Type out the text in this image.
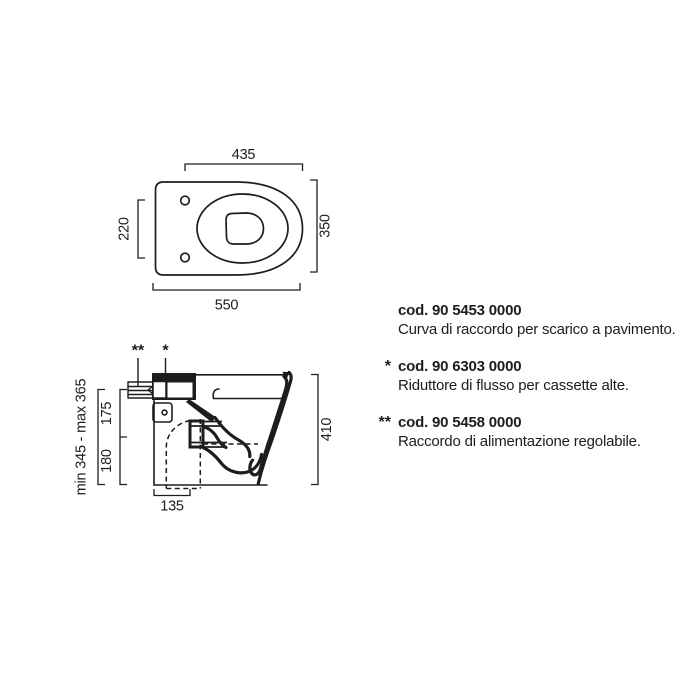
435
550
220	350
** *
410
min 345 - max 365 175
180
135
cod. 90 5453 0000
Curva di raccordo per scarico a pavimento.
* cod. 90 6303 0000
Riduttore di flusso per cassette alte.
** cod. 90 5458 0000
Raccordo di alimentazione regolabile.
